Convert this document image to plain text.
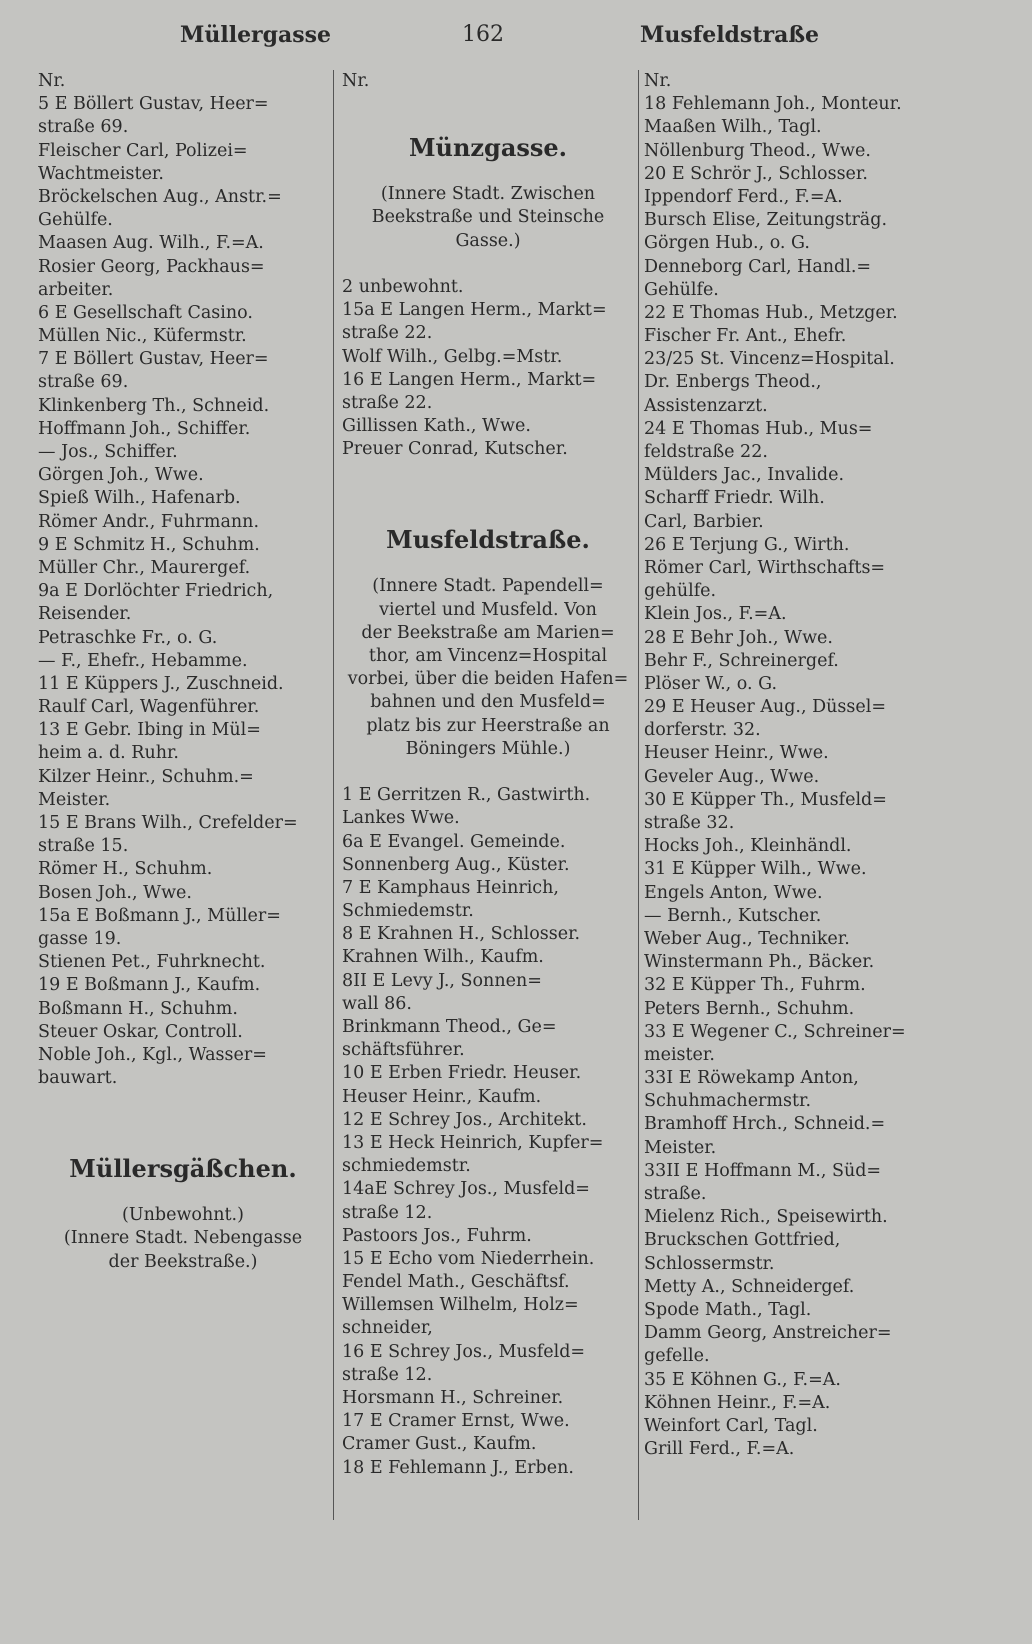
Müllergasse	162	Musfeldstraße
Nr.
5 E Böllert Gustav, Heer=
straße 69.
Fleischer Carl, Polizei=
Wachtmeister.
Bröckelschen Aug., Anstr.=
Gehülfe.
Maasen Aug. Wilh., F.=A.
Rosier Georg, Packhaus=
arbeiter.
6 E Gesellschaft Casino.
Müllen Nic., Küfermstr.
7 E Böllert Gustav, Heer=
straße 69.
Klinkenberg Th., Schneid.
Hoffmann Joh., Schiffer.
— Jos., Schiffer.
Görgen Joh., Wwe.
Spieß Wilh., Hafenarb.
Römer Andr., Fuhrmann.
9 E Schmitz H., Schuhm.
Müller Chr., Maurergef.
9a E Dorlöchter Friedrich,
Reisender.
Petraschke Fr., o. G.
— F., Ehefr., Hebamme.
11 E Küppers J., Zuschneid.
Raulf Carl, Wagenführer.
13 E Gebr. Ibing in Mül=
heim a. d. Ruhr.
Kilzer Heinr., Schuhm.=
Meister.
15 E Brans Wilh., Crefelder=
straße 15.
Römer H., Schuhm.
Bosen Joh., Wwe.
15a E Boßmann J., Müller=
gasse 19.
Stienen Pet., Fuhrknecht.
19 E Boßmann J., Kaufm.
Boßmann H., Schuhm.
Steuer Oskar, Controll.
Noble Joh., Kgl., Wasser=
bauwart.
Müllersgäßchen.
(Unbewohnt.)
(Innere Stadt. Nebengasse
der Beekstraße.)
Nr.
Münzgasse.
(Innere Stadt. Zwischen
Beekstraße und Steinsche
Gasse.)
2 unbewohnt.
15a E Langen Herm., Markt=
straße 22.
Wolf Wilh., Gelbg.=Mstr.
16 E Langen Herm., Markt=
straße 22.
Gillissen Kath., Wwe.
Preuer Conrad, Kutscher.
Musfeldstraße.
(Innere Stadt. Papendell=
viertel und Musfeld. Von
der Beekstraße am Marien=
thor, am Vincenz=Hospital
vorbei, über die beiden Hafen=
bahnen und den Musfeld=
platz bis zur Heerstraße an
Böningers Mühle.)
1 E Gerritzen R., Gastwirth.
Lankes Wwe.
6a E Evangel. Gemeinde.
Sonnenberg Aug., Küster.
7 E Kamphaus Heinrich,
Schmiedemstr.
8 E Krahnen H., Schlosser.
Krahnen Wilh., Kaufm.
8II E Levy J., Sonnen=
wall 86.
Brinkmann Theod., Ge=
schäftsführer.
10 E Erben Friedr. Heuser.
Heuser Heinr., Kaufm.
12 E Schrey Jos., Architekt.
13 E Heck Heinrich, Kupfer=
schmiedemstr.
14aE Schrey Jos., Musfeld=
straße 12.
Pastoors Jos., Fuhrm.
15 E Echo vom Niederrhein.
Fendel Math., Geschäftsf.
Willemsen Wilhelm, Holz=
schneider,
16 E Schrey Jos., Musfeld=
straße 12.
Horsmann H., Schreiner.
17 E Cramer Ernst, Wwe.
Cramer Gust., Kaufm.
18 E Fehlemann J., Erben.
Nr.
18 Fehlemann Joh., Monteur.
Maaßen Wilh., Tagl.
Nöllenburg Theod., Wwe.
20 E Schrör J., Schlosser.
Ippendorf Ferd., F.=A.
Bursch Elise, Zeitungsträg.
Görgen Hub., o. G.
Denneborg Carl, Handl.=
Gehülfe.
22 E Thomas Hub., Metzger.
Fischer Fr. Ant., Ehefr.
23/25 St. Vincenz=Hospital.
Dr. Enbergs Theod.,
Assistenzarzt.
24 E Thomas Hub., Mus=
feldstraße 22.
Mülders Jac., Invalide.
Scharff Friedr. Wilh.
Carl, Barbier.
26 E Terjung G., Wirth.
Römer Carl, Wirthschafts=
gehülfe.
Klein Jos., F.=A.
28 E Behr Joh., Wwe.
Behr F., Schreinergef.
Plöser W., o. G.
29 E Heuser Aug., Düssel=
dorferstr. 32.
Heuser Heinr., Wwe.
Geveler Aug., Wwe.
30 E Küpper Th., Musfeld=
straße 32.
Hocks Joh., Kleinhändl.
31 E Küpper Wilh., Wwe.
Engels Anton, Wwe.
— Bernh., Kutscher.
Weber Aug., Techniker.
Winstermann Ph., Bäcker.
32 E Küpper Th., Fuhrm.
Peters Bernh., Schuhm.
33 E Wegener C., Schreiner=
meister.
33I E Röwekamp Anton,
Schuhmachermstr.
Bramhoff Hrch., Schneid.=
Meister.
33II E Hoffmann M., Süd=
straße.
Mielenz Rich., Speisewirth.
Bruckschen Gottfried,
Schlossermstr.
Metty A., Schneidergef.
Spode Math., Tagl.
Damm Georg, Anstreicher=
gefelle.
35 E Köhnen G., F.=A.
Köhnen Heinr., F.=A.
Weinfort Carl, Tagl.
Grill Ferd., F.=A.
